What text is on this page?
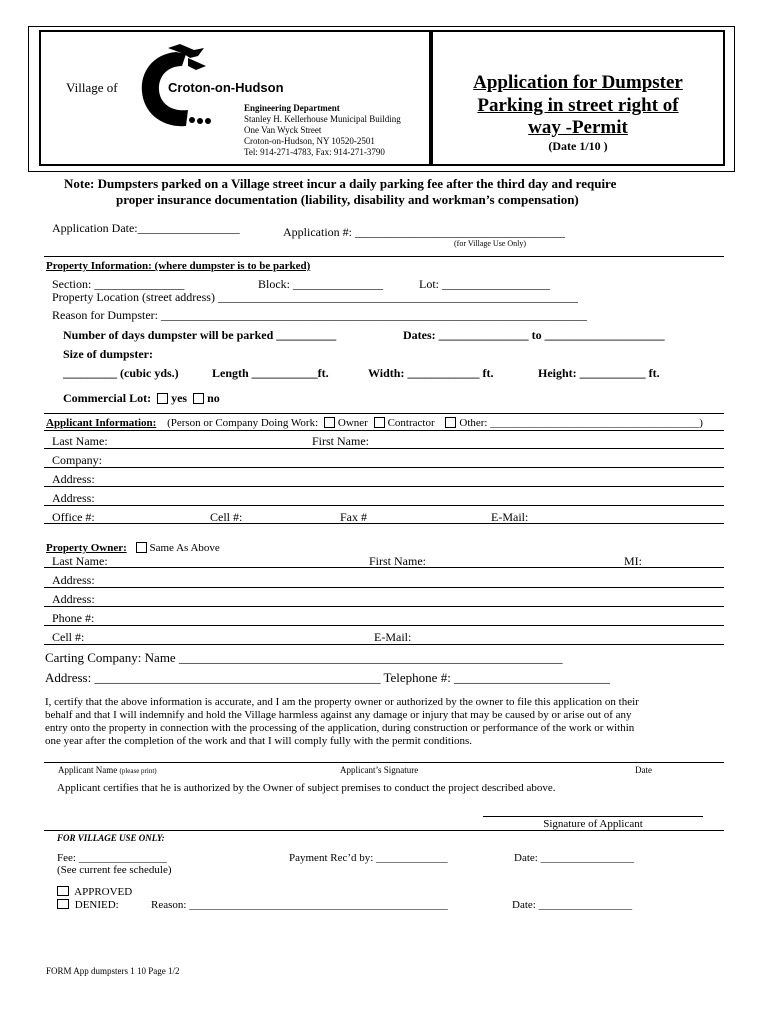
Village of	Croton-on-Hudson
Engineering Department
Stanley H. Kellerhouse Municipal Building
One Van Wyck Street
Croton-on-Hudson, NY 10520-2501
Tel: 914-271-4783, Fax: 914-271-3790
Application for Dumpster
Parking in street right of
way -Permit
(Date 1/10 )
Note: Dumpsters parked on a Village street incur a daily parking fee after the third day and require
proper insurance documentation (liability, disability and workman’s compensation)
Application Date:_________________	Application #: ___________________________________
(for Village Use Only)
Property Information: (where dumpster is to be parked)
Section: _______________	Block: _______________	Lot: __________________
Property Location (street address) ____________________________________________________________
Reason for Dumpster: _______________________________________________________________________
Number of days dumpster will be parked __________	Dates: _______________ to ____________________
Size of dumpster:
_________ (cubic yds.)	Length ___________ft.	Width: ____________ ft.	Height: ___________ ft.
Commercial Lot: yes no
Applicant Information: (Person or Company Doing Work: Owner Contractor Other: ______________________________________)
Last Name:	First Name:
Company:
Address:
Address:
Office #:	Cell #:	Fax #	E-Mail:
Property Owner: Same As Above
Last Name:	First Name:	MI:
Address:
Address:
Phone #:
Cell #:	E-Mail:
Carting Company: Name ___________________________________________________________
Address: ____________________________________________ Telephone #: ________________________
I, certify that the above information is accurate, and I am the property owner or authorized by the owner to file this application on their
behalf and that I will indemnify and hold the Village harmless against any damage or injury that may be caused by or arise out of any
entry onto the property in connection with the processing of the application, during construction or performance of the work or within
one year after the completion of the work and that I will comply fully with the permit conditions.
Applicant Name (please print)	Applicant’s Signature	Date
Applicant certifies that he is authorized by the Owner of subject premises to conduct the project described above.
Signature of Applicant
FOR VILLAGE USE ONLY:
Fee: ________________
(See current fee schedule)
Payment Rec’d by: _____________	Date: _________________
APPROVED
DENIED:	Reason: _______________________________________________	Date: _________________
FORM App dumpsters 1 10 Page 1/2
